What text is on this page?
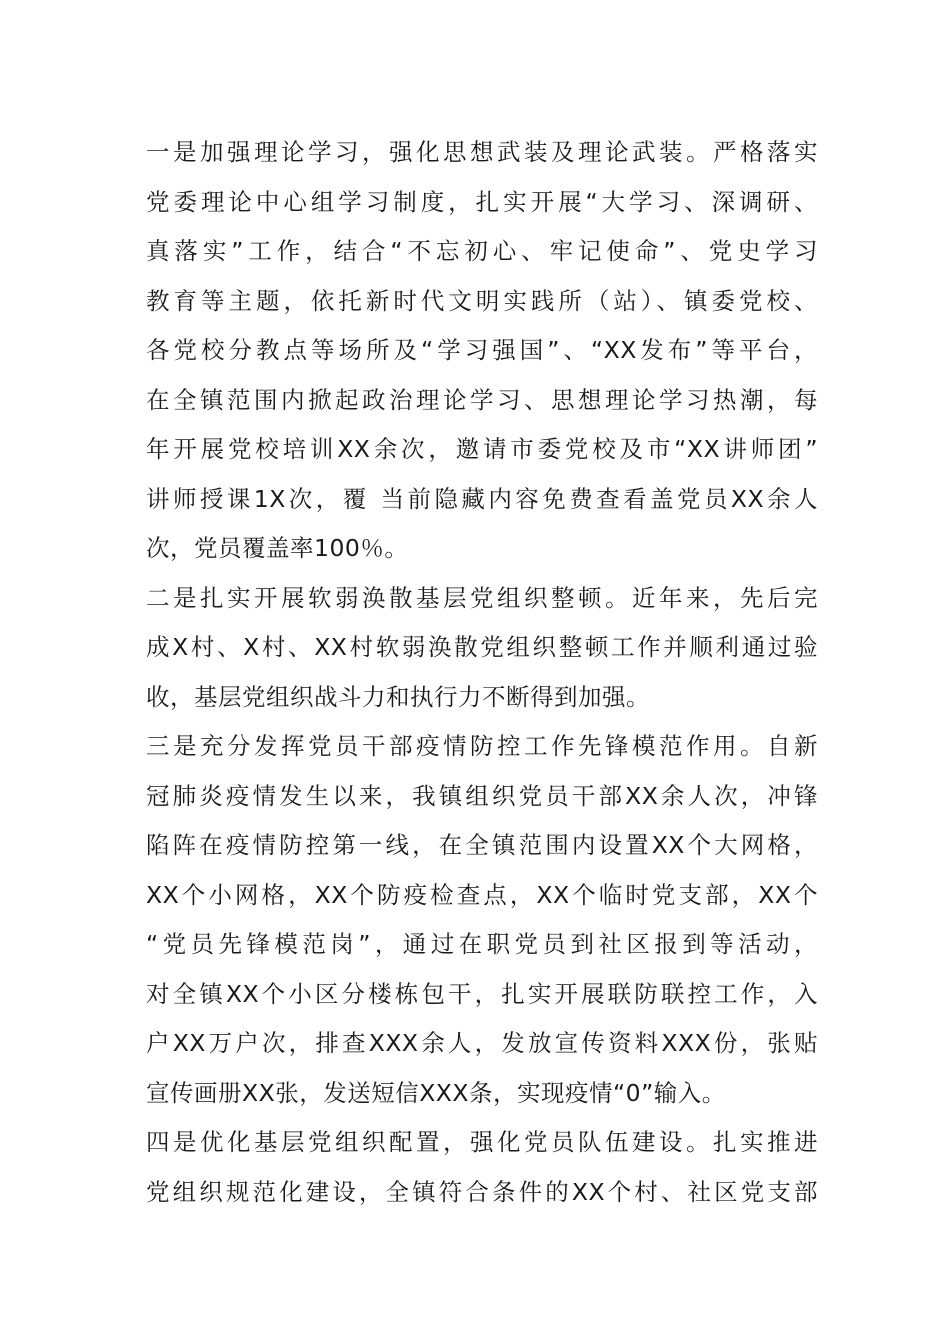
一是加强理论学习，强化思想武装及理论武装。严格落实
党委理论中心组学习制度，扎实开展“大学习、深调研、
真落实”工作，结合“不忘初心、牢记使命”、党史学习
教育等主题，依托新时代文明实践所（站）、镇委党校、
各党校分教点等场所及“学习强国”、“XX发布”等平台，
在全镇范围内掀起政治理论学习、思想理论学习热潮，每
年开展党校培训XX余次，邀请市委党校及市“XX讲师团”
讲师授课1X次，覆 当前隐藏内容免费查看盖党员XX余人
次，党员覆盖率100％。
二是扎实开展软弱涣散基层党组织整顿。近年来，先后完
成X村、X村、XX村软弱涣散党组织整顿工作并顺利通过验
收，基层党组织战斗力和执行力不断得到加强。
三是充分发挥党员干部疫情防控工作先锋模范作用。自新
冠肺炎疫情发生以来，我镇组织党员干部XX余人次，冲锋
陷阵在疫情防控第一线，在全镇范围内设置XX个大网格，
XX个小网格，XX个防疫检查点，XX个临时党支部，XX个
“党员先锋模范岗”，通过在职党员到社区报到等活动，
对全镇XX个小区分楼栋包干，扎实开展联防联控工作，入
户XX万户次，排查XXX余人，发放宣传资料XXX份，张贴
宣传画册XX张，发送短信XXX条，实现疫情“0”输入。
四是优化基层党组织配置，强化党员队伍建设。扎实推进
党组织规范化建设，全镇符合条件的XX个村、社区党支部
